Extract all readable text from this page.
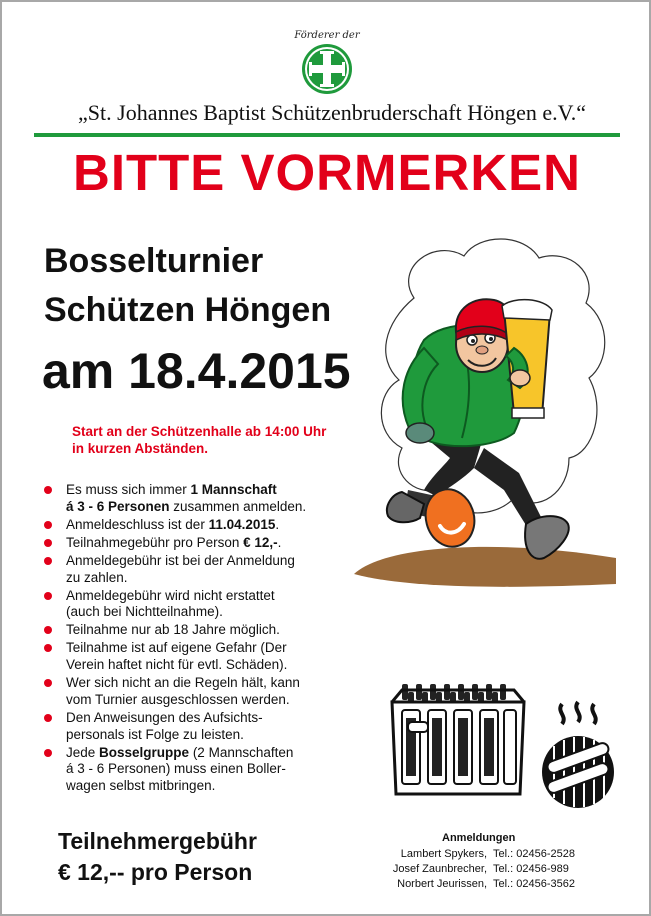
Förderer der
„St. Johannes Baptist Schützenbruderschaft Höngen e.V.“
BITTE VORMERKEN
Bosselturnier
Schützen Höngen
am 18.4.2015
Start an der Schützenhalle ab 14:00 Uhr
in kurzen Abständen.
Es muss sich immer 1 Mannschaft
á 3 - 6 Personen zusammen anmelden.
Anmeldeschluss ist der 11.04.2015.
Teilnahmegebühr pro Person € 12,-.
Anmeldegebühr ist bei der Anmeldung
zu zahlen.
Anmeldegebühr wird nicht erstattet
(auch bei Nichtteilnahme).
Teilnahme nur ab 18 Jahre möglich.
Teilnahme ist auf eigene Gefahr (Der
Verein haftet nicht für evtl. Schäden).
Wer sich nicht an die Regeln hält, kann
vom Turnier ausgeschlossen werden.
Den Anweisungen des Aufsichts-
personals ist Folge zu leisten.
Jede Bosselgruppe (2 Mannschaften
á 3 - 6 Personen) muss einen Boller-
wagen selbst mitbringen.
Teilnehmergebühr
€ 12,-- pro Person
Anmeldungen
Lambert Spykers,	Tel.: 02456-2528
Josef Zaunbrecher,	Tel.: 02456-989
Norbert Jeurissen,	Tel.: 02456-3562
